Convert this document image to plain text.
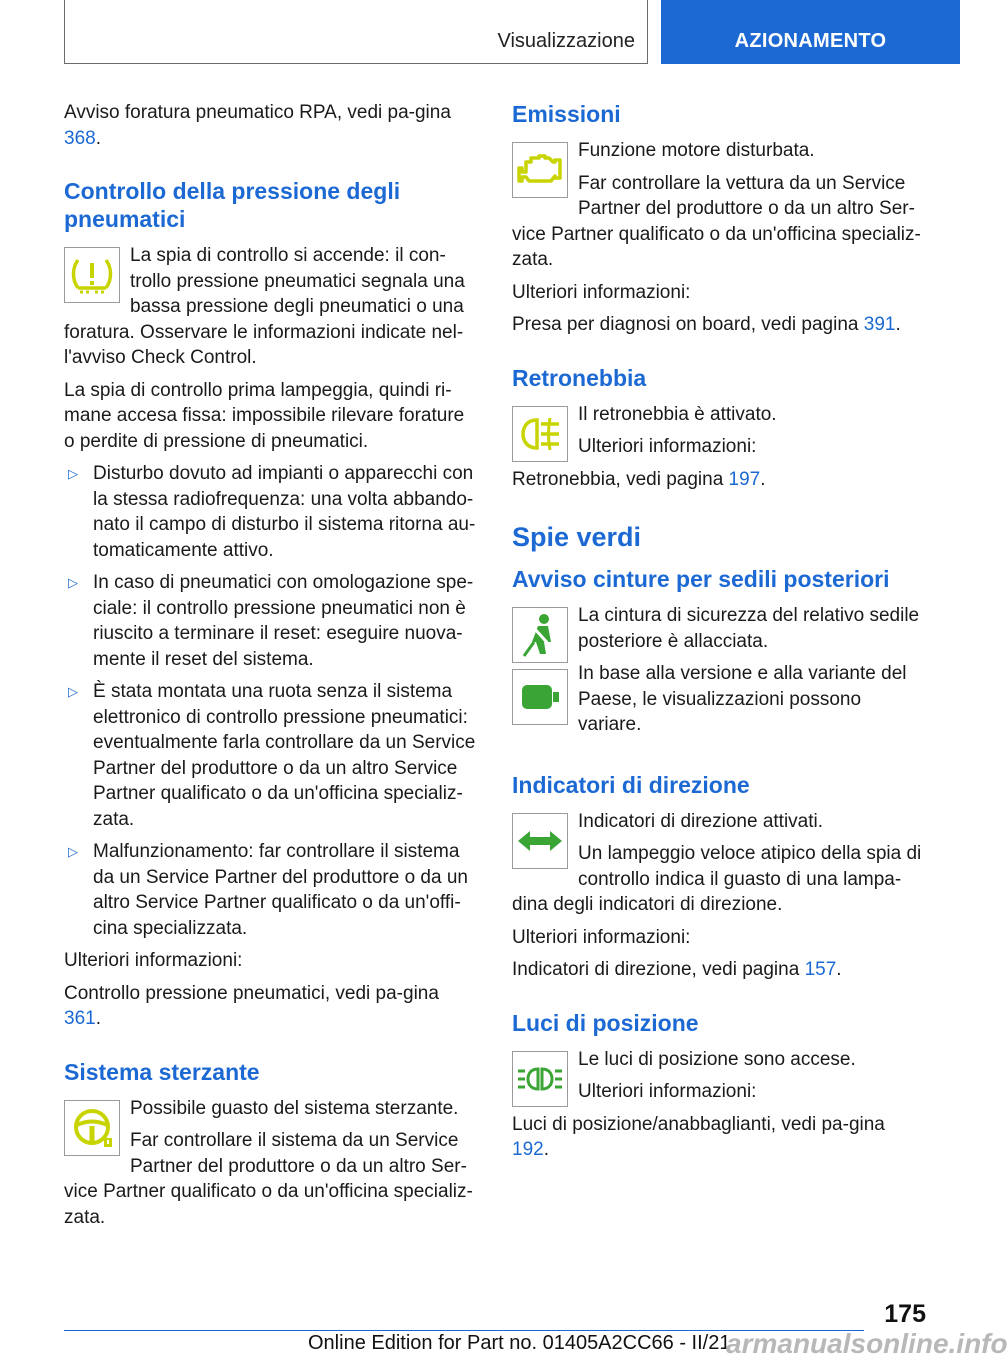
Visualizzazione	AZIONAMENTO

Avviso foratura pneumatico RPA, vedi pa-gina 368.

Controllo della pressione degli pneumatici

La spia di controllo si accende: il con-trollo pressione pneumatici segnala una bassa pressione degli pneumatici o una foratura. Osservare le informazioni indicate nel-l'avviso Check Control.

La spia di controllo prima lampeggia, quindi ri-mane accesa fissa: impossibile rilevare forature o perdite di pressione di pneumatici.

▷ Disturbo dovuto ad impianti o apparecchi con la stessa radiofrequenza: una volta abbando-nato il campo di disturbo il sistema ritorna au-tomaticamente attivo.
▷ In caso di pneumatici con omologazione spe-ciale: il controllo pressione pneumatici non è riuscito a terminare il reset: eseguire nuova-mente il reset del sistema.
▷ È stata montata una ruota senza il sistema elettronico di controllo pressione pneumatici: eventualmente farla controllare da un Service Partner del produttore o da un altro Service Partner qualificato o da un'officina specializ-zata.
▷ Malfunzionamento: far controllare il sistema da un Service Partner del produttore o da un altro Service Partner qualificato o da un'offi-cina specializzata.

Ulteriori informazioni:

Controllo pressione pneumatici, vedi pa-gina 361.

Sistema sterzante

Possibile guasto del sistema sterzante.

Far controllare il sistema da un Service Partner del produttore o da un altro Ser-vice Partner qualificato o da un'officina specializ-zata.

Emissioni

Funzione motore disturbata.

Far controllare la vettura da un Service Partner del produttore o da un altro Ser-vice Partner qualificato o da un'officina specializ-zata.

Ulteriori informazioni:

Presa per diagnosi on board, vedi pagina 391.

Retronebbia

Il retronebbia è attivato.

Ulteriori informazioni:

Retronebbia, vedi pagina 197.

Spie verdi
Avviso cinture per sedili posteriori

La cintura di sicurezza del relativo sedile posteriore è allacciata.

In base alla versione e alla variante del Paese, le visualizzazioni possono variare.

Indicatori di direzione

Indicatori di direzione attivati.

Un lampeggio veloce atipico della spia di controllo indica il guasto di una lampa-dina degli indicatori di direzione.

Ulteriori informazioni:

Indicatori di direzione, vedi pagina 157.

Luci di posizione

Le luci di posizione sono accese.

Ulteriori informazioni:

Luci di posizione/anabbaglianti, vedi pa-gina 192.

175
Online Edition for Part no. 01405A2CC66 - II/21
armanualsonline.info
